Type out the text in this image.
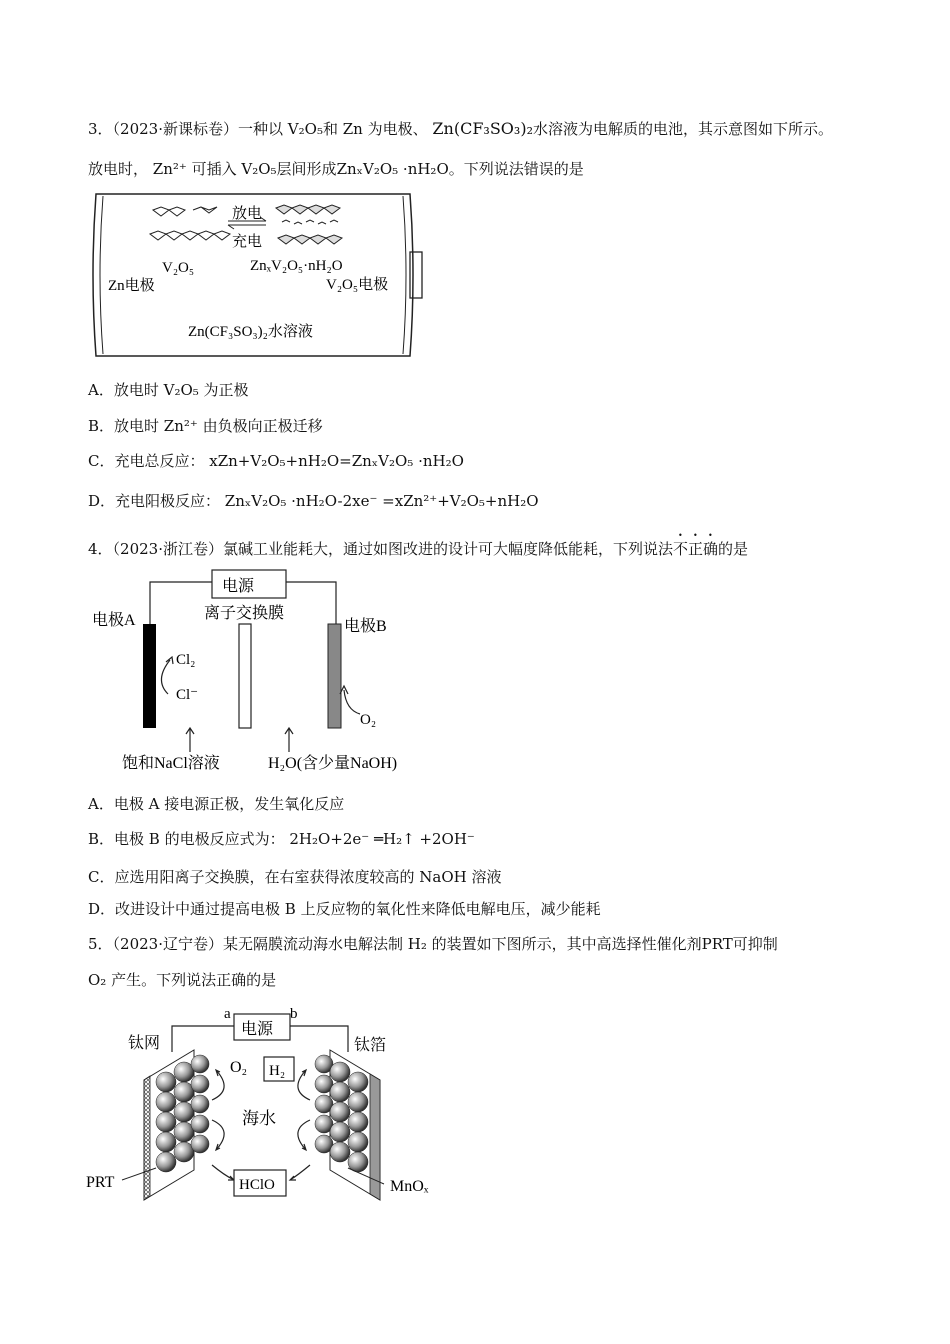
3．（2023·新课标卷）一种以 V₂O₅和 Zn 为电极、 Zn(CF₃SO₃)₂水溶液为电解质的电池，其示意图如下所示。
放电时， Zn²⁺ 可插入 V₂O₅层间形成ZnₓV₂O₅ ·nH₂O。下列说法错误的是
放电
充电
V₂O₅	ZnₓV₂O₅·nH₂O
Zn电极	V₂O₅电极
Zn(CF₃SO₃)₂水溶液
A．放电时 V₂O₅ 为正极
B．放电时 Zn²⁺ 由负极向正极迁移
C．充电总反应： xZn+V₂O₅+nH₂O=ZnₓV₂O₅ ·nH₂O
D．充电阳极反应： ZnₓV₂O₅ ·nH₂O-2xe⁻ =xZn²⁺+V₂O₅+nH₂O
4．（2023·浙江卷）氯碱工业能耗大，通过如图改进的设计可大幅度降低能耗，下列说法不正确的是
电源
离子交换膜
电极A	电极B
Cl₂
Cl⁻
O₂
饱和NaCl溶液	H₂O(含少量NaOH)
A．电极 A 接电源正极，发生氧化反应
B．电极 B 的电极反应式为： 2H₂O+2e⁻ ═H₂↑ +2OH⁻
C．应选用阳离子交换膜，在右室获得浓度较高的 NaOH 溶液
D．改进设计中通过提高电极 B 上反应物的氧化性来降低电解电压，减少能耗
5．（2023·辽宁卷）某无隔膜流动海水电解法制 H₂ 的装置如下图所示，其中高选择性催化剂PRT可抑制
O₂ 产生。下列说法正确的是
电源
a	b
钛网	钛箔
O₂ H₂
海水
HClO
PRT	MnOₓ
